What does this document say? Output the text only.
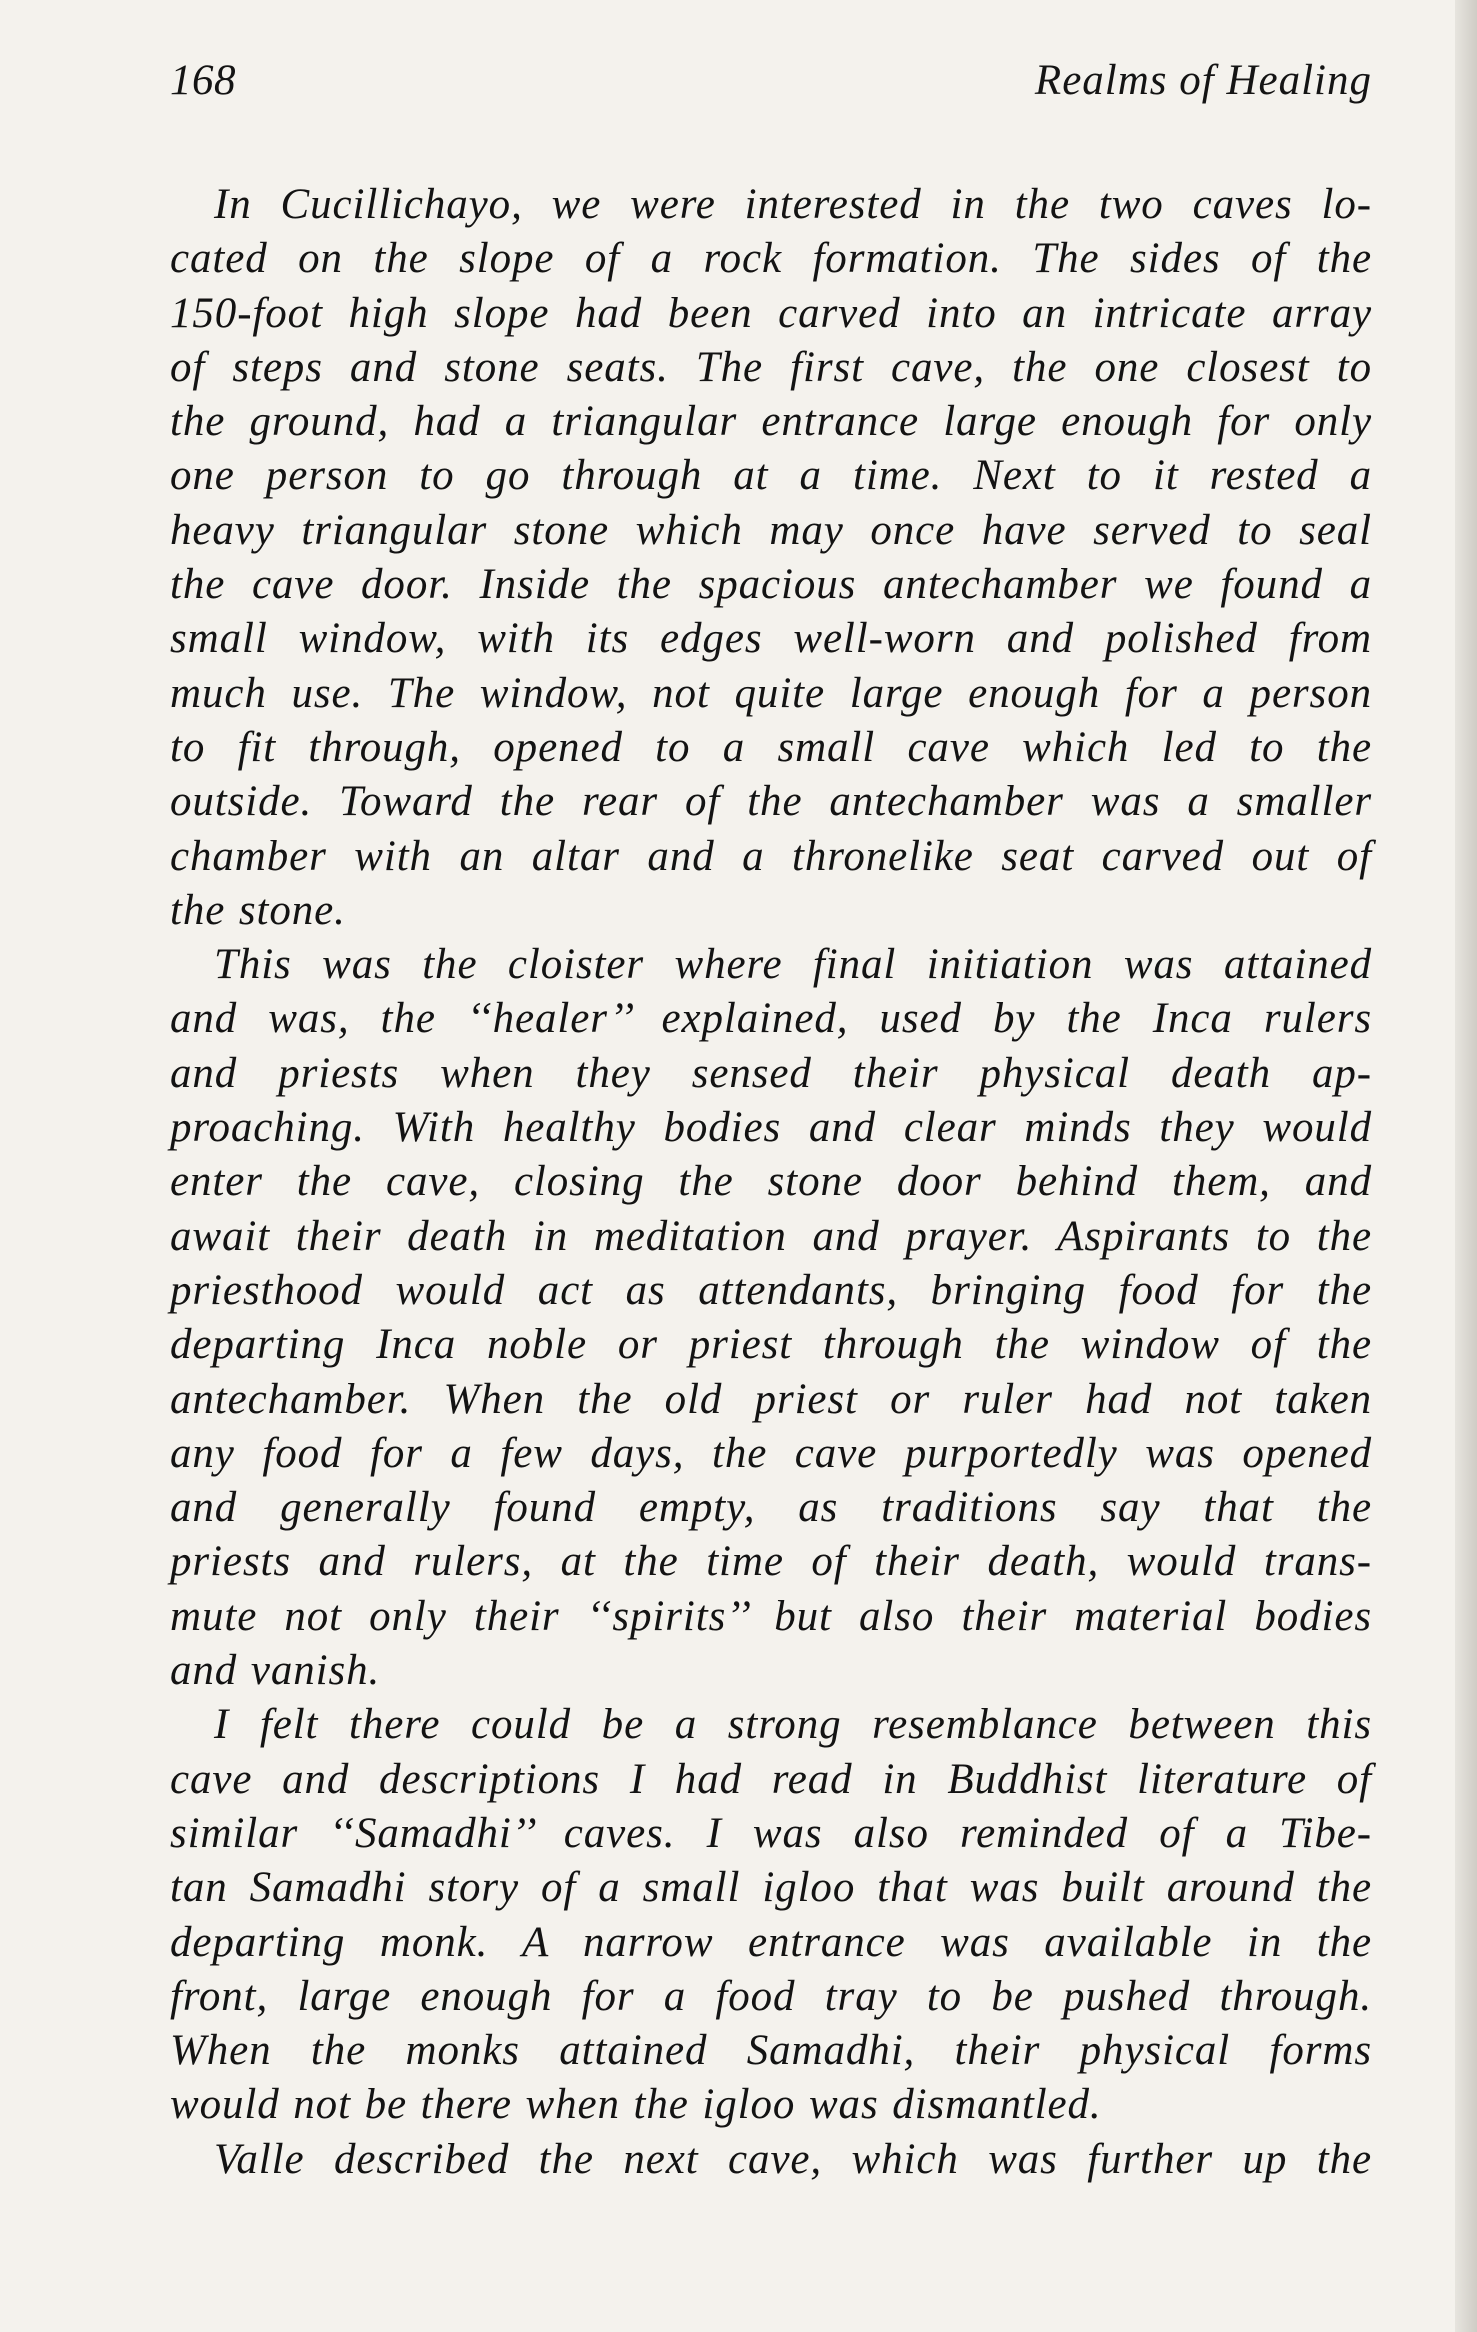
168	Realms of Healing
In Cucillichayo, we were interested in the two caves lo-
cated on the slope of a rock formation. The sides of the
150-foot high slope had been carved into an intricate array
of steps and stone seats. The first cave, the one closest to
the ground, had a triangular entrance large enough for only
one person to go through at a time. Next to it rested a
heavy triangular stone which may once have served to seal
the cave door. Inside the spacious antechamber we found a
small window, with its edges well-worn and polished from
much use. The window, not quite large enough for a person
to fit through, opened to a small cave which led to the
outside. Toward the rear of the antechamber was a smaller
chamber with an altar and a thronelike seat carved out of
the stone.
This was the cloister where final initiation was attained
and was, the ‘‘healer’’ explained, used by the Inca rulers
and priests when they sensed their physical death ap-
proaching. With healthy bodies and clear minds they would
enter the cave, closing the stone door behind them, and
await their death in meditation and prayer. Aspirants to the
priesthood would act as attendants, bringing food for the
departing Inca noble or priest through the window of the
antechamber. When the old priest or ruler had not taken
any food for a few days, the cave purportedly was opened
and generally found empty, as traditions say that the
priests and rulers, at the time of their death, would trans-
mute not only their ‘‘spirits’’ but also their material bodies
and vanish.
I felt there could be a strong resemblance between this
cave and descriptions I had read in Buddhist literature of
similar ‘‘Samadhi’’ caves. I was also reminded of a Tibe-
tan Samadhi story of a small igloo that was built around the
departing monk. A narrow entrance was available in the
front, large enough for a food tray to be pushed through.
When the monks attained Samadhi, their physical forms
would not be there when the igloo was dismantled.
Valle described the next cave, which was further up the
